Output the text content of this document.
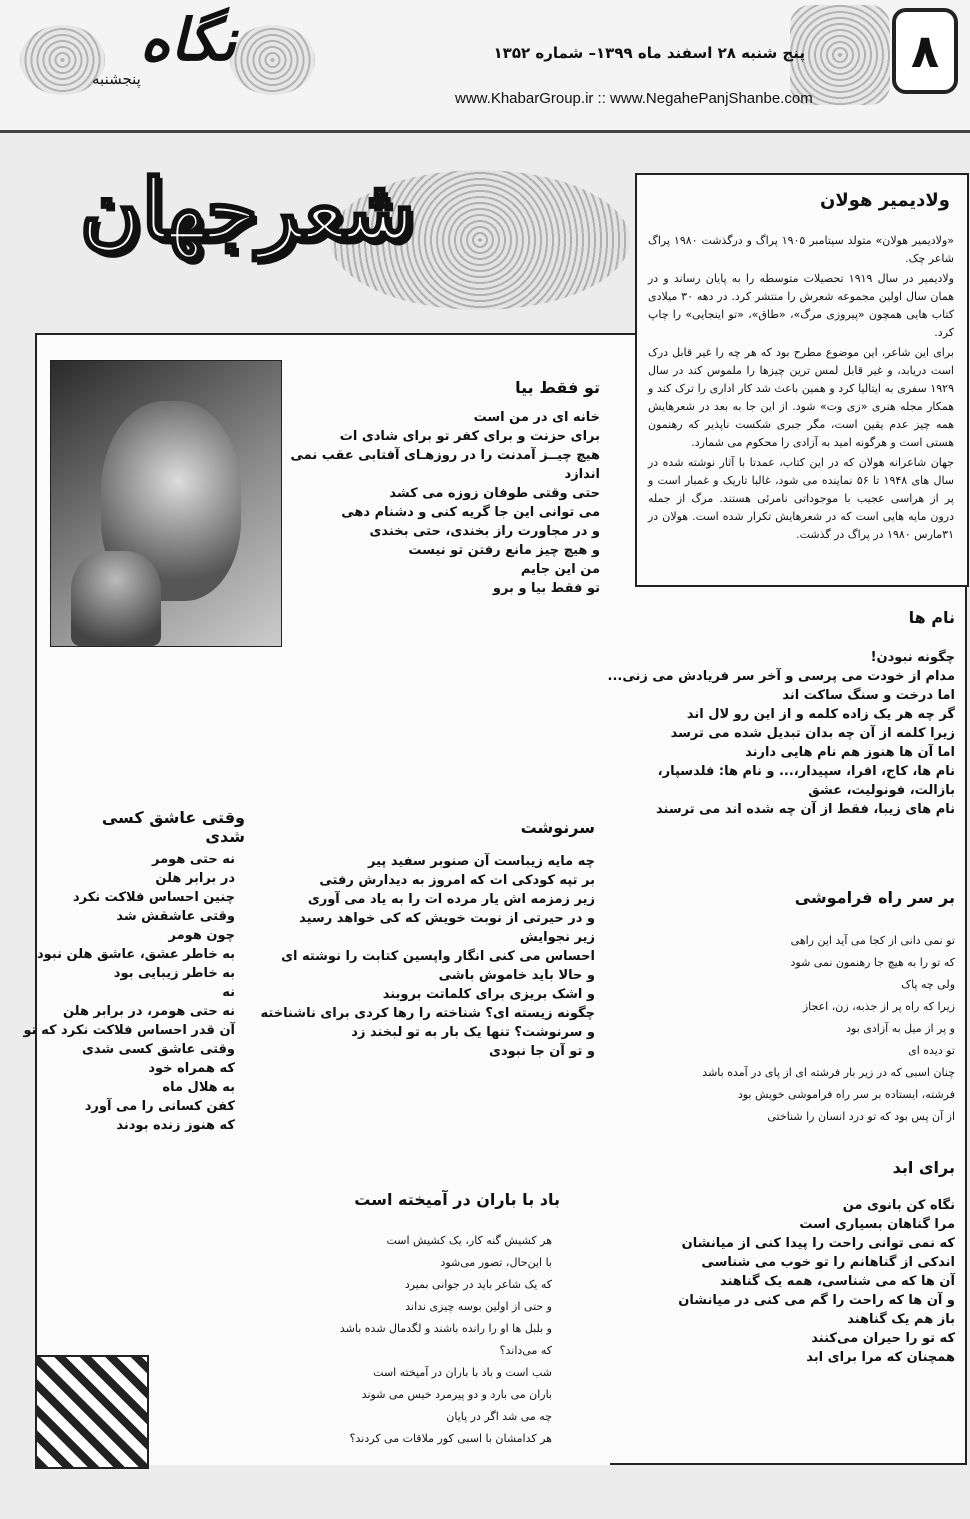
نگاه
پنجشنبه
پنج شنبه ۲۸ اسفند ماه ۱۳۹۹– شماره ۱۳۵۲
www.KhabarGroup.ir :: www.NegahePanjShanbe.com
۸
شعرجهان	ولادیمیر هولان

«ولادیمیر هولان» متولد سپتامبر ۱۹۰۵ پراگ و درگذشت ۱۹۸۰ پراگ شاعر چک.

ولادیمیر در سال ۱۹۱۹ تحصیلات متوسطه را به پایان رساند و در همان سال اولین مجموعه شعرش را منتشر کرد. در دهه ۳۰ میلادی کتاب هایی همچون «پیروزی مرگ»، «طاق»، «تو اینجایی» را چاپ کرد.

برای این شاعر، این موضوع مطرح بود که هر چه را غیر قابل درک است دریابد، و غیر قابل لمس ترین چیزها را ملموس کند در سال ۱۹۲۹ سفری به ایتالیا کرد و همین باعث شد کار اداری را ترک کند و همکار مجله هنری «زی وت» شود. از این جا به بعد در شعرهایش همه چیز عدم یقین است، مگر جبری شکست ناپذیر که رهنمون هستی است و هرگونه امید به آزادی را محکوم می شمارد.

جهان شاعرانه هولان که در این کتاب، عمدتا با آثار نوشته شده در سال های ۱۹۴۸ تا ۵۶ نماینده می شود، غالبا تاریک و غمبار است و پر از هراسی عجیب با موجوداتی نامرئی هستند. مرگ از جمله درون مایه هایی است که در شعرهایش تکرار شده است. هولان در ۳۱مارس ۱۹۸۰ در پراگ در گذشت.

تو فقط بیا
خانه ای در من است
برای حزنت و برای کفر تو برای شادی ات
هیچ چیــز آمدنت را در روزهـای آفتابی عقب نمی
اندازد
حتی وقتی طوفان زوزه می کشد
می توانی این جا گریه کنی و دشنام دهی
و در مجاورت راز بخندی، حتی بخندی
و هیچ چیز مانع رفتن تو نیست
من این جایم
تو فقط بیا و برو
نام ها
چگونه نبودن!
مدام از خودت می پرسی و آخر سر فریادش می زنی...
اما درخت و سنگ ساکت اند
گر چه هر یک زاده کلمه و از این رو لال اند
زیرا کلمه از آن چه بدان تبدیل شده می ترسد
اما آن ها هنوز هم نام هایی دارند
نام ها، کاج، افرا، سپیدار،... و نام ها: فلدسپار،
بازالت، فونولیت، عشق
نام های زیبا، فقط از آن چه شده اند می ترسند
وقتی عاشق کسی شدی
نه حتی هومر
در برابر هلن
چنین احساس فلاکت نکرد
وقتی عاشقش شد
چون هومر
به خاطر عشق، عاشق هلن نبود
به خاطر زیبایی بود
نه
نه حتی هومر، در برابر هلن
آن قدر احساس فلاکت نکرد که تو
وقتی عاشق کسی شدی
که همراه خود
به هلال ماه
کفن کسانی را می آورد
که هنوز زنده بودند
سرنوشت
چه مایه زیباست آن صنوبر سفید پیر
بر تپه کودکی ات که امروز به دیدارش رفتی
زیر زمزمه اش یار مرده ات را به یاد می آوری
و در حیرتی از نوبت خویش که کی خواهد رسید
زیر نجوایش
احساس می کنی انگار واپسین کتابت را نوشته ای
و حالا باید خاموش باشی
و اشک بریزی برای کلماتت بروبند
چگونه زیسته ای؟ شناخته را رها کردی برای ناشناخته
و سرنوشت؟ تنها یک بار به تو لبخند زد
و تو آن جا نبودی
بر سر راه فراموشی
تو نمی دانی از کجا می آید این راهی
که تو را به هیچ جا رهنمون نمی شود
ولی چه پاک
زیرا که راه پر از جذبه، زن، اعجاز
و پر از میل به آزادی بود
تو دیده ای
چنان اسبی که در زیر بار فرشته ای از پای در آمده باشد
فرشته، ایستاده بر سر راه فراموشی خویش بود
از آن پس بود که تو درد انسان را شناختی
باد با باران در آمیخته است
هر کشیش گنه کار، یک کشیش است
با این‌حال، تصور می‌شود
که یک شاعر باید در جوانی بمیرد
و حتی از اولین بوسه چیزی نداند
و بلبل ها او را رانده باشند و لگدمال شده باشد
که می‌داند؟
شب است و باد با باران در آمیخته است
باران می بارد و دو پیرمرد خیس می شوند
چه می شد اگر در پایان
هر کدامشان با اسبی کور ملاقات می کردند؟
برای ابد
نگاه کن بانوی من
مرا گناهان بسیاری است
که نمی توانی راحت را پیدا کنی از میانشان
اندکی از گناهانم را تو خوب می شناسی
آن ها که می شناسی، همه یک گناهند
و آن ها که راحت را گم می کنی در میانشان
باز هم یک گناهند
که تو را حیران می‌کنند
همچنان که مرا برای ابد
